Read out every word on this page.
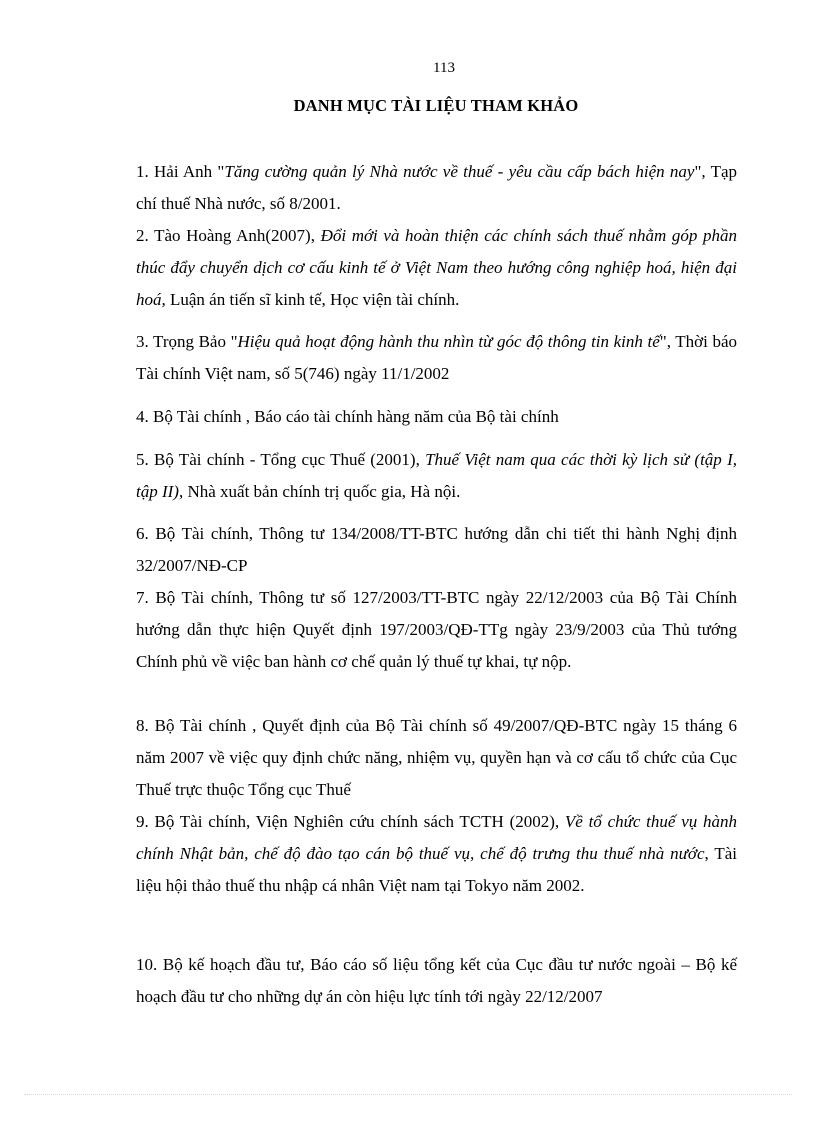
113
DANH MỤC TÀI LIỆU THAM KHẢO
1. Hải Anh "Tăng cường quản lý Nhà nước về thuế - yêu cầu cấp bách hiện nay", Tạp chí thuế Nhà nước, số 8/2001.
2. Tào Hoàng Anh(2007), Đổi mới và hoàn thiện các chính sách thuế nhằm góp phần thúc đẩy chuyển dịch cơ cấu kinh tế ở Việt Nam theo hướng công nghiệp hoá, hiện đại hoá, Luận án tiến sĩ kinh tế, Học viện tài chính.
3. Trọng Bảo "Hiệu quả hoạt động hành thu nhìn từ góc độ thông tin kinh tế", Thời báo Tài chính Việt nam, số 5(746) ngày 11/1/2002
4. Bộ Tài chính , Báo cáo tài chính hàng năm của Bộ tài chính
5. Bộ Tài chính - Tổng cục Thuế (2001), Thuế Việt nam qua các thời kỳ lịch sử (tập I, tập II), Nhà xuất bản chính trị quốc gia, Hà nội.
6. Bộ Tài chính, Thông tư 134/2008/TT-BTC hướng dẫn chi tiết thi hành Nghị định 32/2007/NĐ-CP
7. Bộ Tài chính, Thông tư số 127/2003/TT-BTC ngày 22/12/2003 của Bộ Tài Chính hướng dẫn thực hiện Quyết định 197/2003/QĐ-TTg ngày 23/9/2003 của Thủ tướng Chính phủ về việc ban hành cơ chế quản lý thuế tự khai, tự nộp.
8. Bộ Tài chính , Quyết định của Bộ Tài chính số 49/2007/QĐ-BTC ngày 15 tháng 6 năm 2007 về việc quy định chức năng, nhiệm vụ, quyền hạn và cơ cấu tổ chức của Cục Thuế trực thuộc Tổng cục Thuế
9. Bộ Tài chính, Viện Nghiên cứu chính sách TCTH (2002), Về tổ chức thuế vụ hành chính Nhật bản, chế độ đào tạo cán bộ thuế vụ, chế độ trưng thu thuế nhà nước, Tài liệu hội thảo thuế thu nhập cá nhân Việt nam tại Tokyo năm 2002.
10. Bộ kế hoạch đầu tư, Báo cáo số liệu tổng kết của Cục đầu tư nước ngoài – Bộ kế hoạch đầu tư cho những dự án còn hiệu lực tính tới ngày 22/12/2007
